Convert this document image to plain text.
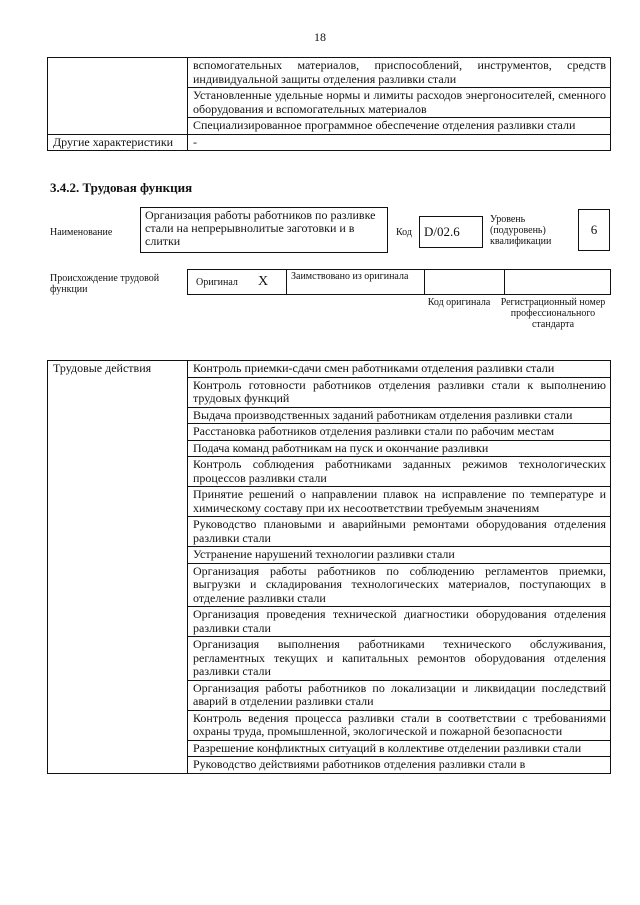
18
	вспомогательных материалов, приспособлений, инструментов, средств индивидуальной защиты отделения разливки стали
	Установленные удельные нормы и лимиты расходов энергоносителей, сменного оборудования и вспомогательных материалов
	Специализированное программное обеспечение отделения разливки стали
Другие характеристики	-
3.4.2. Трудовая функция
Наименование
Организация работы работников по разливке стали на непрерывнолитые заготовки и в слитки
Код D/02.6
Уровень (подуровень) квалификации
6
Происхождение трудовой функции
Оригинал X Заимствовано из оригинала
Код оригинала	Регистрационный номер профессионального стандарта
Трудовые действия	Контроль приемки-сдачи смен работниками отделения разливки стали
Контроль готовности работников отделения разливки стали к выполнению трудовых функций
Выдача производственных заданий работникам отделения разливки стали
Расстановка работников отделения разливки стали по рабочим местам
Подача команд работникам на пуск и окончание разливки
Контроль соблюдения работниками заданных режимов технологических процессов разливки стали
Принятие решений о направлении плавок на исправление по температуре и химическому составу при их несоответствии требуемым значениям
Руководство плановыми и аварийными ремонтами оборудования отделения разливки стали
Устранение нарушений технологии разливки стали
Организация работы работников по соблюдению регламентов приемки, выгрузки и складирования технологических материалов, поступающих в отделение разливки стали
Организация проведения технической диагностики оборудования отделения разливки стали
Организация выполнения работниками технического обслуживания, регламентных текущих и капитальных ремонтов оборудования отделения разливки стали
Организация работы работников по локализации и ликвидации последствий аварий в отделении разливки стали
Контроль ведения процесса разливки стали в соответствии с требованиями охраны труда, промышленной, экологической и пожарной безопасности
Разрешение конфликтных ситуаций в коллективе отделении разливки стали
Руководство действиями работников отделения разливки стали в
